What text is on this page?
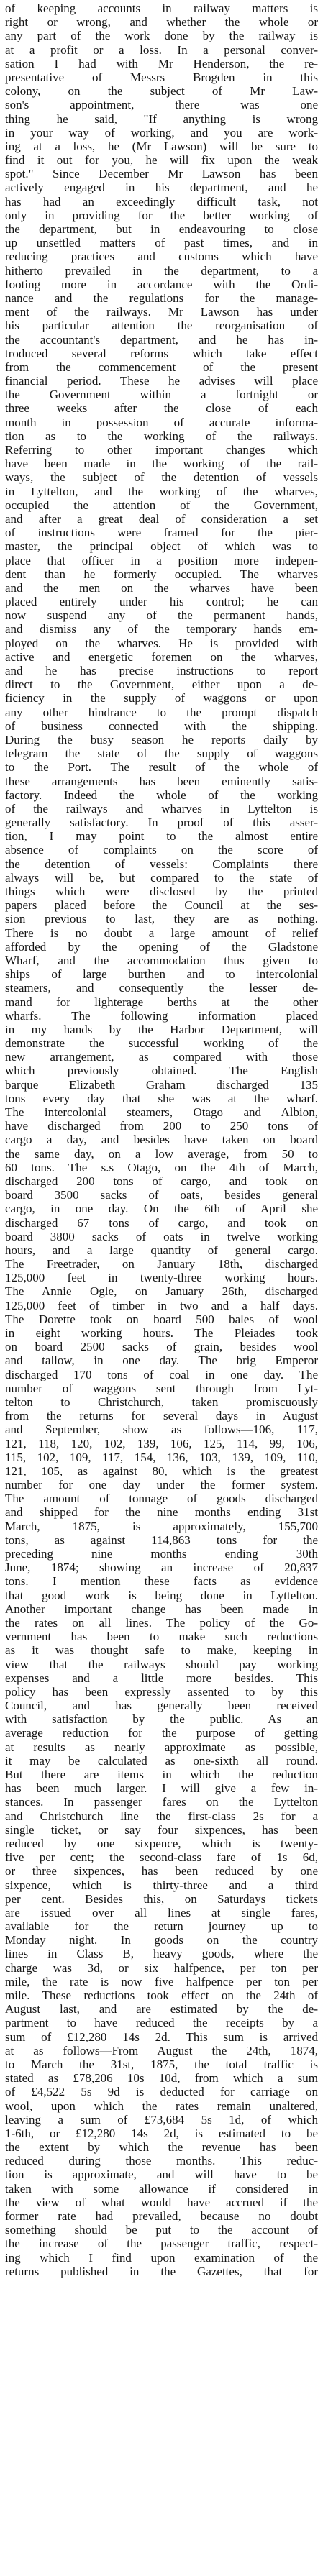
of keeping accounts in railway matters is
right or wrong, and whether the whole or
any part of the work done by the railway is
at a profit or a loss. In a personal conver-
sation I had with Mr Henderson, the re-
presentative of Messrs Brogden in this
colony, on the subject of Mr Law-
son's appointment, there was one
thing he said, "If anything is wrong
in your way of working, and you are work-
ing at a loss, he (Mr Lawson) will be sure to
find it out for you, he will fix upon the weak
spot." Since December Mr Lawson has been
actively engaged in his department, and he
has had an exceedingly difficult task, not
only in providing for the better working of
the department, but in endeavouring to close
up unsettled matters of past times, and in
reducing practices and customs which have
hitherto prevailed in the department, to a
footing more in accordance with the Ordi-
nance and the regulations for the manage-
ment of the railways. Mr Lawson has under
his particular attention the reorganisation of
the accountant's department, and he has in-
troduced several reforms which take effect
from the commencement of the present
financial period. These he advises will place
the Government within a fortnight or
three weeks after the close of each
month in possession of accurate informa-
tion as to the working of the railways.
Referring to other important changes which
have been made in the working of the rail-
ways, the subject of the detention of vessels
in Lyttelton, and the working of the wharves,
occupied the attention of the Government,
and after a great deal of consideration a set
of instructions were framed for the pier-
master, the principal object of which was to
place that officer in a position more indepen-
dent than he formerly occupied. The wharves
and the men on the wharves have been
placed entirely under his control; he can
now suspend any of the permanent hands,
and dismiss any of the temporary hands em-
ployed on the wharves. He is provided with
active and energetic foremen on the wharves,
and he has precise instructions to report
direct to the Government, either upon a de-
ficiency in the supply of waggons or upon
any other hindrance to the prompt dispatch
of business connected with the shipping.
During the busy season he reports daily by
telegram the state of the supply of waggons
to the Port. The result of the whole of
these arrangements has been eminently satis-
factory. Indeed the whole of the working
of the railways and wharves in Lyttelton is
generally satisfactory. In proof of this asser-
tion, I may point to the almost entire
absence of complaints on the score of
the detention of vessels: Complaints there
always will be, but compared to the state of
things which were disclosed by the printed
papers placed before the Council at the ses-
sion previous to last, they are as nothing.
There is no doubt a large amount of relief
afforded by the opening of the Gladstone
Wharf, and the accommodation thus given to
ships of large burthen and to intercolonial
steamers, and consequently the lesser de-
mand for lighterage berths at the other
wharfs. The following information placed
in my hands by the Harbor Department, will
demonstrate the successful working of the
new arrangement, as compared with those
which previously obtained. The English
barque Elizabeth Graham discharged 135
tons every day that she was at the wharf.
The intercolonial steamers, Otago and Albion,
have discharged from 200 to 250 tons of
cargo a day, and besides have taken on board
the same day, on a low average, from 50 to
60 tons. The s.s Otago, on the 4th of March,
discharged 200 tons of cargo, and took on
board 3500 sacks of oats, besides general
cargo, in one day. On the 6th of April she
discharged 67 tons of cargo, and took on
board 3800 sacks of oats in twelve working
hours, and a large quantity of general cargo.
The Freetrader, on January 18th, discharged
125,000 feet in twenty-three working hours.
The Annie Ogle, on January 26th, discharged
125,000 feet of timber in two and a half days.
The Dorette took on board 500 bales of wool
in eight working hours. The Pleiades took
on board 2500 sacks of grain, besides wool
and tallow, in one day. The brig Emperor
discharged 170 tons of coal in one day. The
number of waggons sent through from Lyt-
telton to Christchurch, taken promiscuously
from the returns for several days in August
and September, show as follows—106, 117,
121, 118, 120, 102, 139, 106, 125, 114, 99, 106,
115, 102, 109, 117, 154, 136, 103, 139, 109, 110,
121, 105, as against 80, which is the greatest
number for one day under the former system.
The amount of tonnage of goods discharged
and shipped for the nine months ending 31st
March, 1875, is approximately, 155,700
tons, as against 114,863 tons for the
preceding nine months ending 30th
June, 1874; showing an increase of 20,837
tons. I mention these facts as evidence
that good work is being done in Lyttelton.
Another important change has been made in
the rates on all lines. The policy of the Go-
vernment has been to make such reductions
as it was thought safe to make, keeping in
view that the railways should pay working
expenses and a little more besides. This
policy has been expressly assented to by this
Council, and has generally been received
with satisfaction by the public. As an
average reduction for the purpose of getting
at results as nearly approximate as possible,
it may be calculated as one-sixth all round.
But there are items in which the reduction
has been much larger. I will give a few in-
stances. In passenger fares on the Lyttelton
and Christchurch line the first-class 2s for a
single ticket, or say four sixpences, has been
reduced by one sixpence, which is twenty-
five per cent; the second-class fare of 1s 6d,
or three sixpences, has been reduced by one
sixpence, which is thirty-three and a third
per cent. Besides this, on Saturdays tickets
are issued over all lines at single fares,
available for the return journey up to
Monday night. In goods on the country
lines in Class B, heavy goods, where the
charge was 3d, or six halfpence, per ton per
mile, the rate is now five halfpence per ton per
mile. These reductions took effect on the 24th of
August last, and are estimated by the de-
partment to have reduced the receipts by a
sum of £12,280 14s 2d. This sum is arrived
at as follows—From August the 24th, 1874,
to March the 31st, 1875, the total traffic is
stated as £78,206 10s 10d, from which a sum
of £4,522 5s 9d is deducted for carriage on
wool, upon which the rates remain unaltered,
leaving a sum of £73,684 5s 1d, of which
1-6th, or £12,280 14s 2d, is estimated to be
the extent by which the revenue has been
reduced during those months. This reduc-
tion is approximate, and will have to be
taken with some allowance if considered in
the view of what would have accrued if the
former rate had prevailed, because no doubt
something should be put to the account of
the increase of the passenger traffic, respect-
ing which I find upon examination of the
returns published in the Gazettes, that for
